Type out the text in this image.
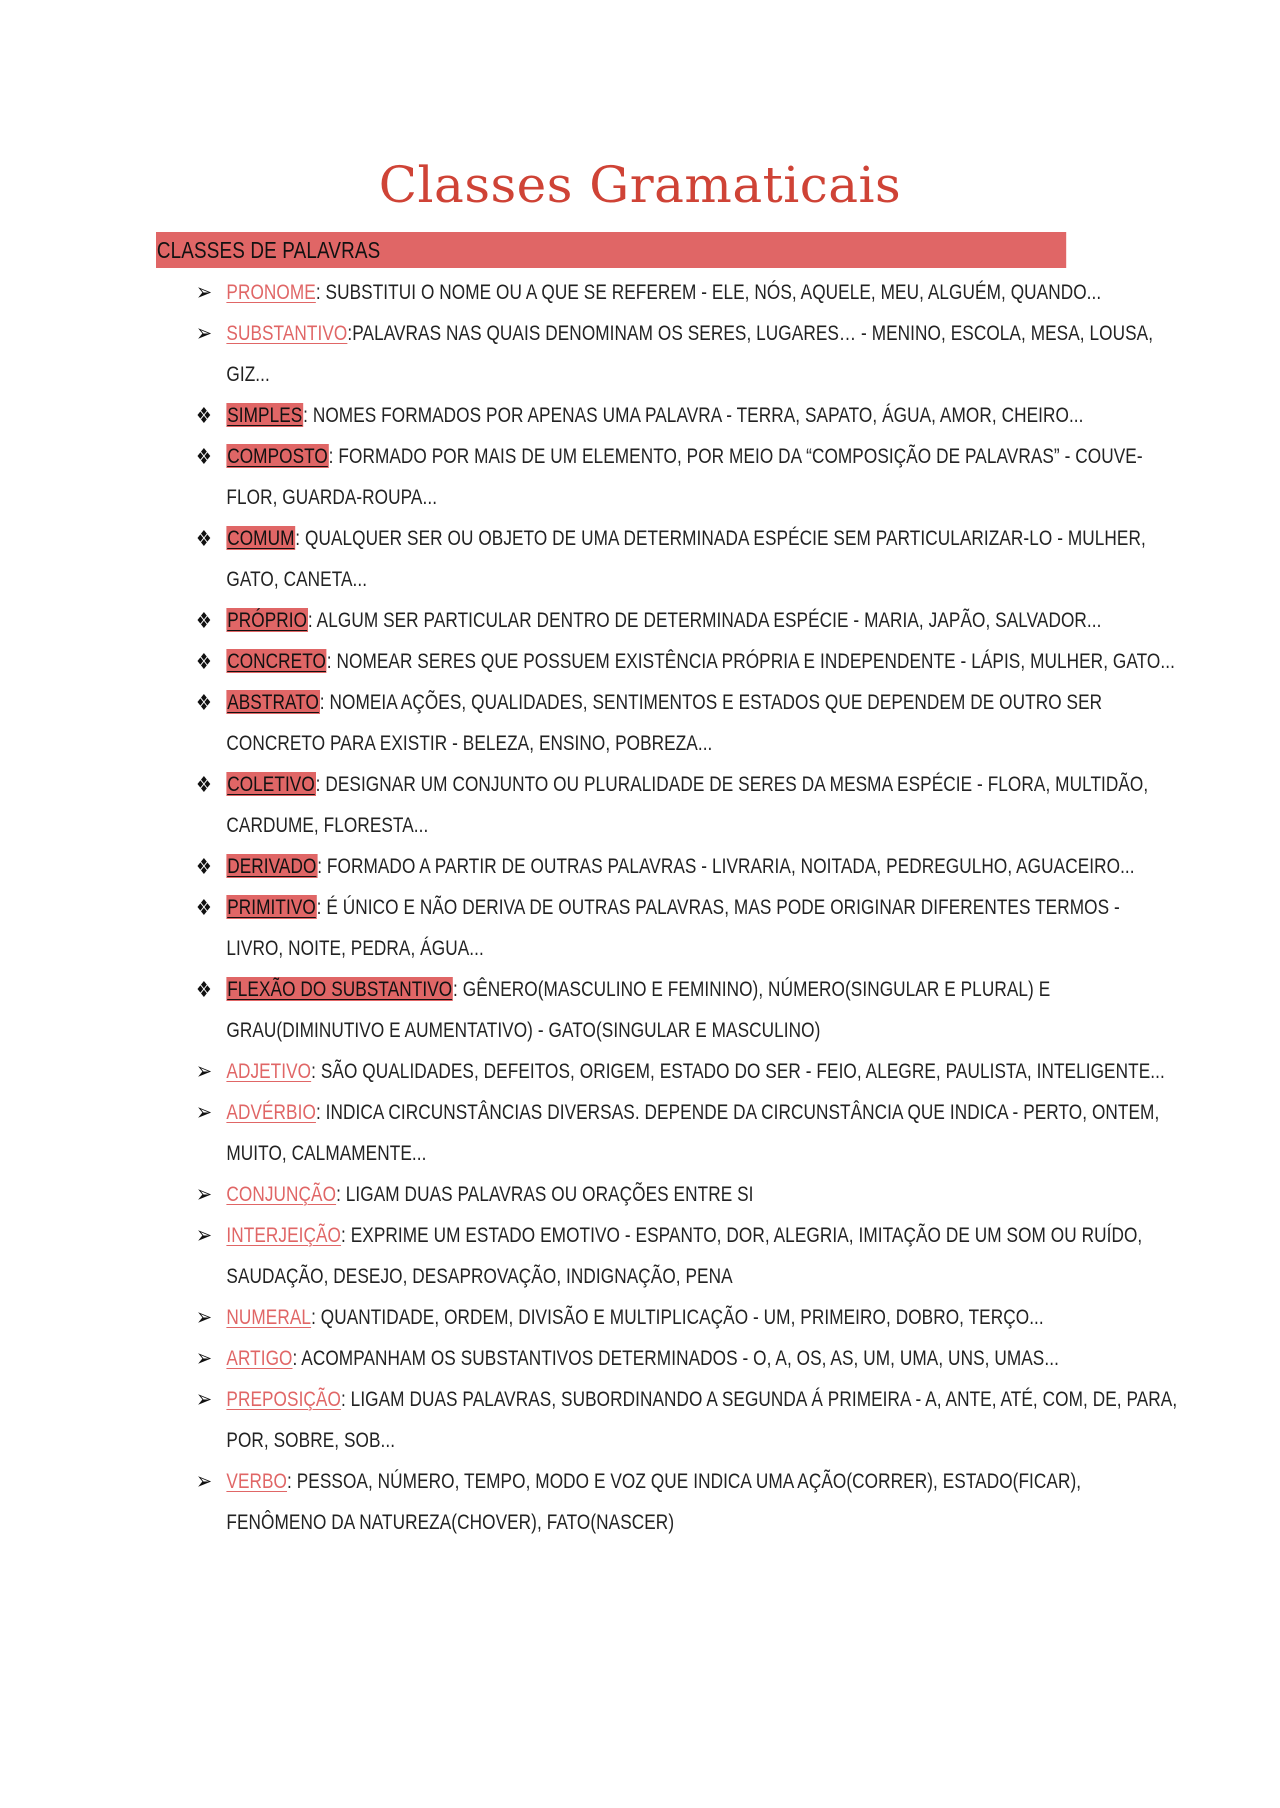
Classes Gramaticais
CLASSES DE PALAVRAS
➢ PRONOME: SUBSTITUI O NOME OU A QUE SE REFEREM - ELE, NÓS, AQUELE, MEU, ALGUÉM, QUANDO...
➢ SUBSTANTIVO:PALAVRAS NAS QUAIS DENOMINAM OS SERES, LUGARES… - MENINO, ESCOLA, MESA, LOUSA, GIZ...
❖ SIMPLES: NOMES FORMADOS POR APENAS UMA PALAVRA - TERRA, SAPATO, ÁGUA, AMOR, CHEIRO...
❖ COMPOSTO: FORMADO POR MAIS DE UM ELEMENTO, POR MEIO DA “COMPOSIÇÃO DE PALAVRAS” - COUVE-FLOR, GUARDA-ROUPA...
❖ COMUM: QUALQUER SER OU OBJETO DE UMA DETERMINADA ESPÉCIE SEM PARTICULARIZAR-LO - MULHER, GATO, CANETA...
❖ PRÓPRIO: ALGUM SER PARTICULAR DENTRO DE DETERMINADA ESPÉCIE - MARIA, JAPÃO, SALVADOR...
❖ CONCRETO: NOMEAR SERES QUE POSSUEM EXISTÊNCIA PRÓPRIA E INDEPENDENTE - LÁPIS, MULHER, GATO...
❖ ABSTRATO: NOMEIA AÇÕES, QUALIDADES, SENTIMENTOS E ESTADOS QUE DEPENDEM DE OUTRO SER CONCRETO PARA EXISTIR - BELEZA, ENSINO, POBREZA...
❖ COLETIVO: DESIGNAR UM CONJUNTO OU PLURALIDADE DE SERES DA MESMA ESPÉCIE - FLORA, MULTIDÃO, CARDUME, FLORESTA...
❖ DERIVADO: FORMADO A PARTIR DE OUTRAS PALAVRAS - LIVRARIA, NOITADA, PEDREGULHO, AGUACEIRO...
❖ PRIMITIVO: É ÚNICO E NÃO DERIVA DE OUTRAS PALAVRAS, MAS PODE ORIGINAR DIFERENTES TERMOS - LIVRO, NOITE, PEDRA, ÁGUA...
❖ FLEXÃO DO SUBSTANTIVO: GÊNERO(MASCULINO E FEMININO), NÚMERO(SINGULAR E PLURAL) E GRAU(DIMINUTIVO E AUMENTATIVO) - GATO(SINGULAR E MASCULINO)
➢ ADJETIVO: SÃO QUALIDADES, DEFEITOS, ORIGEM, ESTADO DO SER - FEIO, ALEGRE, PAULISTA, INTELIGENTE...
➢ ADVÉRBIO: INDICA CIRCUNSTÂNCIAS DIVERSAS. DEPENDE DA CIRCUNSTÂNCIA QUE INDICA - PERTO, ONTEM, MUITO, CALMAMENTE...
➢ CONJUNÇÃO: LIGAM DUAS PALAVRAS OU ORAÇÕES ENTRE SI
➢ INTERJEIÇÃO: EXPRIME UM ESTADO EMOTIVO - ESPANTO, DOR, ALEGRIA, IMITAÇÃO DE UM SOM OU RUÍDO, SAUDAÇÃO, DESEJO, DESAPROVAÇÃO, INDIGNAÇÃO, PENA
➢ NUMERAL: QUANTIDADE, ORDEM, DIVISÃO E MULTIPLICAÇÃO - UM, PRIMEIRO, DOBRO, TERÇO...
➢ ARTIGO: ACOMPANHAM OS SUBSTANTIVOS DETERMINADOS - O, A, OS, AS, UM, UMA, UNS, UMAS...
➢ PREPOSIÇÃO: LIGAM DUAS PALAVRAS, SUBORDINANDO A SEGUNDA Á PRIMEIRA - A, ANTE, ATÉ, COM, DE, PARA, POR, SOBRE, SOB...
➢ VERBO: PESSOA, NÚMERO, TEMPO, MODO E VOZ QUE INDICA UMA AÇÃO(CORRER), ESTADO(FICAR), FENÔMENO DA NATUREZA(CHOVER), FATO(NASCER)
